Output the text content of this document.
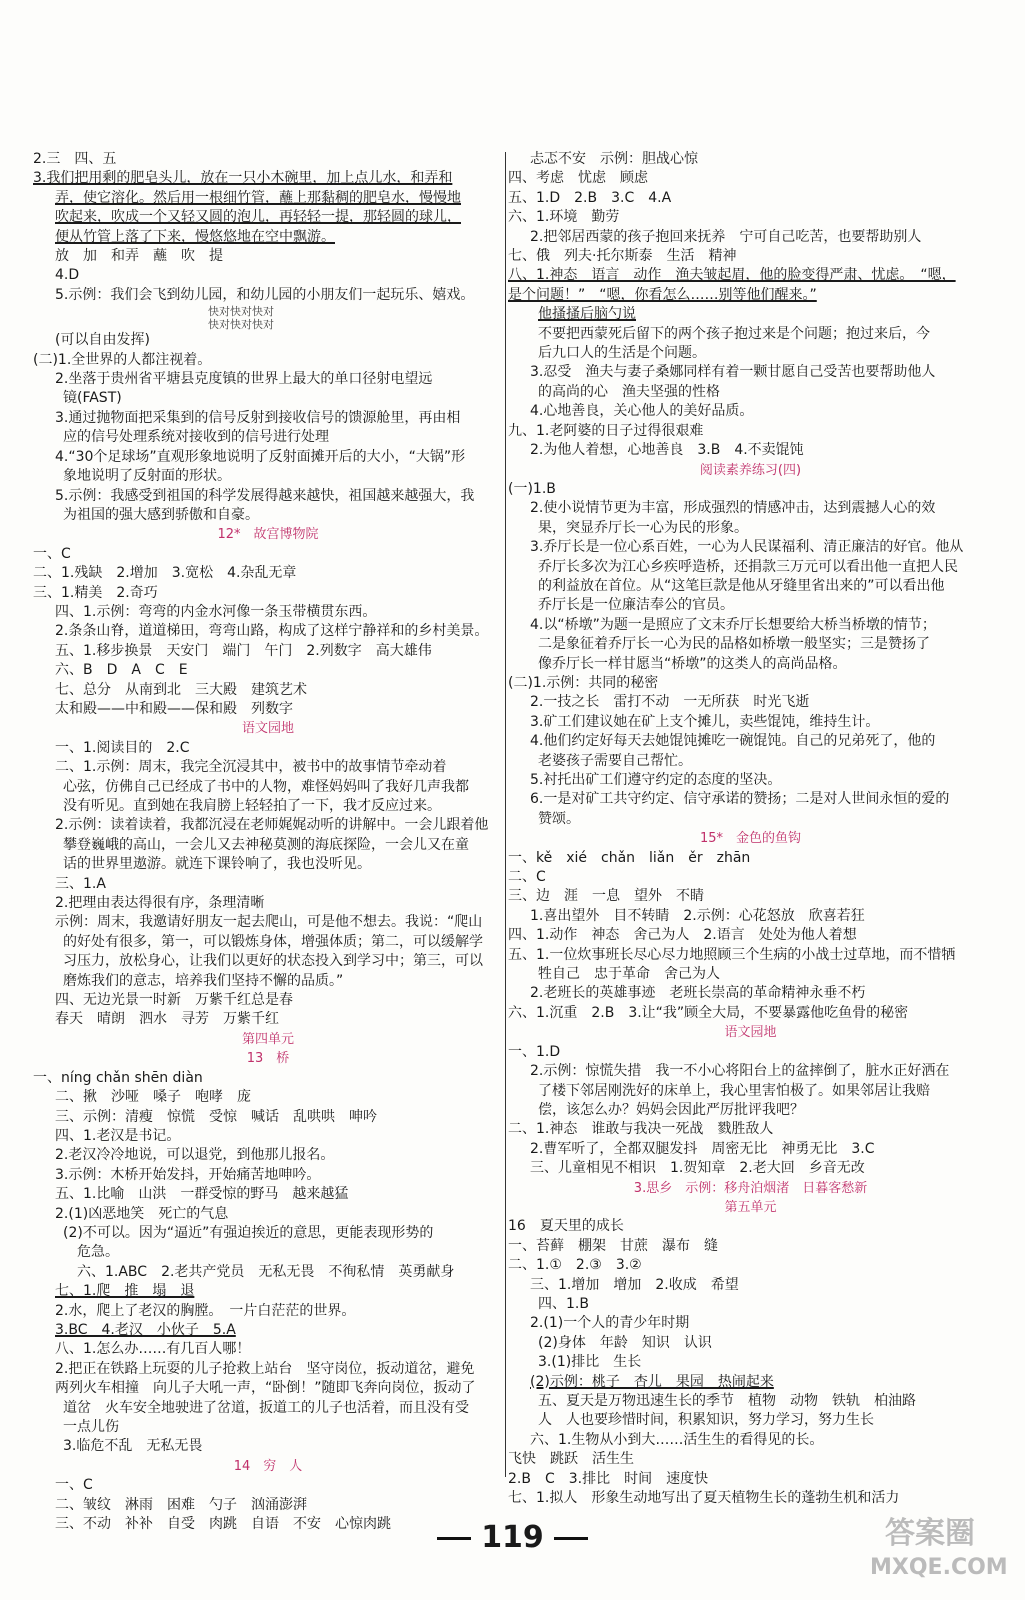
2.三　四、五
3.我们把用剩的肥皂头儿，放在一只小木碗里，加上点儿水，和弄和
弄，使它溶化。然后用一根细竹管，蘸上那黏稠的肥皂水，慢慢地
吹起来，吹成一个又轻又圆的泡儿，再轻轻一提，那轻圆的球儿，
便从竹管上落了下来，慢悠悠地在空中飘游。
放　加　和弄　蘸　吹　提
4.D
5.示例：我们会飞到幼儿园，和幼儿园的小朋友们一起玩乐、嬉戏。
快对快对快对
快对快对快对
(可以自由发挥)
(二)1.全世界的人都注视着。
2.坐落于贵州省平塘县克度镇的世界上最大的单口径射电望远
镜(FAST)
3.通过抛物面把采集到的信号反射到接收信号的馈源舱里，再由相
应的信号处理系统对接收到的信号进行处理
4.“30个足球场”直观形象地说明了反射面摊开后的大小，“大锅”形
象地说明了反射面的形状。
5.示例：我感受到祖国的科学发展得越来越快，祖国越来越强大，我
为祖国的强大感到骄傲和自豪。
12*　故宫博物院
一、C
二、1.残缺　2.增加　3.宽松　4.杂乱无章
三、1.精美　2.奇巧
四、1.示例：弯弯的内金水河像一条玉带横贯东西。
2.条条山脊，道道梯田，弯弯山路，构成了这样宁静祥和的乡村美景。
五、1.移步换景　天安门　端门　午门　2.列数字　高大雄伟
六、B　D　A　C　E
七、总分　从南到北　三大殿　建筑艺术
太和殿——中和殿——保和殿　列数字
语文园地
一、1.阅读目的　2.C
二、1.示例：周末，我完全沉浸其中，被书中的故事情节牵动着
心弦，仿佛自己已经成了书中的人物，难怪妈妈叫了我好几声我都
没有听见。直到她在我肩膀上轻轻拍了一下，我才反应过来。
2.示例：读着读着，我都沉浸在老师娓娓动听的讲解中。一会儿跟着他
攀登巍峨的高山，一会儿又去神秘莫测的海底探险，一会儿又在童
话的世界里遨游。就连下课铃响了，我也没听见。
三、1.A
2.把理由表达得很有序，条理清晰
示例：周末，我邀请好朋友一起去爬山，可是他不想去。我说：“爬山
的好处有很多，第一，可以锻炼身体，增强体质；第二，可以缓解学
习压力，放松身心，让我们以更好的状态投入到学习中；第三，可以
磨炼我们的意志，培养我们坚持不懈的品质。”
四、无边光景一时新　万紫千红总是春
春天　晴朗　泗水　寻芳　万紫千红
第四单元
13　桥
一、níng chǎn shēn diàn
二、揪　沙哑　嗓子　咆哮　庞
三、示例：清瘦　惊慌　受惊　喊话　乱哄哄　呻吟
四、1.老汉是书记。
2.老汉冷冷地说，可以退党，到他那儿报名。
3.示例：木桥开始发抖，开始痛苦地呻吟。
五、1.比喻　山洪　一群受惊的野马　越来越猛
2.(1)凶恶地笑　死亡的气息
(2)不可以。因为“逼近”有强迫挨近的意思，更能表现形势的
危急。
六、1.ABC　2.老共产党员　无私无畏　不徇私情　英勇献身
七、1.爬　推　塌　退
2.水，爬上了老汉的胸膛。　一片白茫茫的世界。
3.BC　4.老汉　小伙子　5.A
八、1.怎么办……有几百人哪！
2.把正在铁路上玩耍的儿子抢救上站台　坚守岗位，扳动道岔，避免
两列火车相撞　向儿子大吼一声，“卧倒！”随即飞奔向岗位，扳动了
道岔　火车安全地驶进了岔道，扳道工的儿子也活着，而且没有受
一点儿伤
3.临危不乱　无私无畏
14　穷　人
一、C
二、皱纹　淋雨　困难　勺子　汹涌澎湃
三、不动　补补　自受　肉跳　自语　不安　心惊肉跳
忐忑不安　示例：胆战心惊
四、考虑　忧虑　顾虑
五、1.D　2.B　3.C　4.A
六、1.环境　勤劳
2.把邻居西蒙的孩子抱回来抚养　宁可自己吃苦，也要帮助别人
七、俄　列夫·托尔斯泰　生活　精神
八、1.神态　语言　动作　渔夫皱起眉，他的脸变得严肃、忧虑。　“嗯，
是个问题！”　“嗯，你看怎么……别等他们醒来。”
他搔搔后脑勺说
不要把西蒙死后留下的两个孩子抱过来是个问题；抱过来后，今
后九口人的生活是个问题。
3.忍受　渔夫与妻子桑娜同样有着一颗甘愿自己受苦也要帮助他人
的高尚的心　渔夫坚强的性格
4.心地善良，关心他人的美好品质。
九、1.老阿婆的日子过得很艰难
2.为他人着想，心地善良　3.B　4.不卖馄饨
阅读素养练习(四)
(一)1.B
2.使小说情节更为丰富，形成强烈的情感冲击，达到震撼人心的效
果，突显乔厅长一心为民的形象。
3.乔厅长是一位心系百姓，一心为人民谋福利、清正廉洁的好官。他从
乔厅长多次为江心乡疾呼造桥，还捐款三万元可以看出他一直把人民
的利益放在首位。从“这笔巨款是他从牙缝里省出来的”可以看出他
乔厅长是一位廉洁奉公的官员。
4.以“桥墩”为题一是照应了文末乔厅长想要给大桥当桥墩的情节；
二是象征着乔厅长一心为民的品格如桥墩一般坚实；三是赞扬了
像乔厅长一样甘愿当“桥墩”的这类人的高尚品格。
(二)1.示例：共同的秘密
2.一技之长　雷打不动　一无所获　时光飞逝
3.矿工们建议她在矿上支个摊儿，卖些馄饨，维持生计。
4.他们约定好每天去她馄饨摊吃一碗馄饨。自己的兄弟死了，他的
老婆孩子需要自己帮忙。
5.衬托出矿工们遵守约定的态度的坚决。
6.一是对矿工共守约定、信守承诺的赞扬；二是对人世间永恒的爱的
赞颂。
15*　金色的鱼钩
一、kě　xié　chǎn　liǎn　ěr　zhān
二、C
三、边　涯　一息　望外　不睛
1.喜出望外　目不转睛　2.示例：心花怒放　欣喜若狂
四、1.动作　神态　舍己为人　2.语言　处处为他人着想
五、1.一位炊事班长尽心尽力地照顾三个生病的小战士过草地，而不惜牺
牲自己　忠于革命　舍己为人
2.老班长的英雄事迹　老班长崇高的革命精神永垂不朽
六、1.沉重　2.B　3.让“我”顾全大局，不要暴露他吃鱼骨的秘密
语文园地
一、1.D
2.示例：惊慌失措　我一不小心将阳台上的盆摔倒了，脏水正好洒在
了楼下邻居刚洗好的床单上，我心里害怕极了。如果邻居让我赔
偿，该怎么办？妈妈会因此严厉批评我吧？
二、1.神态　谁敢与我决一死战　戮胜敌人
2.曹军听了，全都双腿发抖　周密无比　神勇无比　3.C
三、儿童相见不相识　1.贺知章　2.老大回　乡音无改
3.思乡　示例：移舟泊烟渚　日暮客愁新
第五单元
16　夏天里的成长
一、苔藓　棚架　甘蔗　瀑布　缝
二、1.①　2.③　3.②
三、1.增加　增加　2.收成　希望
四、1.B
2.(1)一个人的青少年时期
(2)身体　年龄　知识　认识
3.(1)排比　生长
(2)示例：桃子　杏儿　果园　热闹起来
五、夏天是万物迅速生长的季节　植物　动物　铁轨　柏油路
人　人也要珍惜时间，积累知识，努力学习，努力生长
六、1.生物从小到大……活生生的看得见的长。
飞快　跳跃　活生生
2.B　C　3.排比　时间　速度快
七、1.拟人　形象生动地写出了夏天植物生长的蓬勃生机和活力
119	答案圈
MXQE.COM
